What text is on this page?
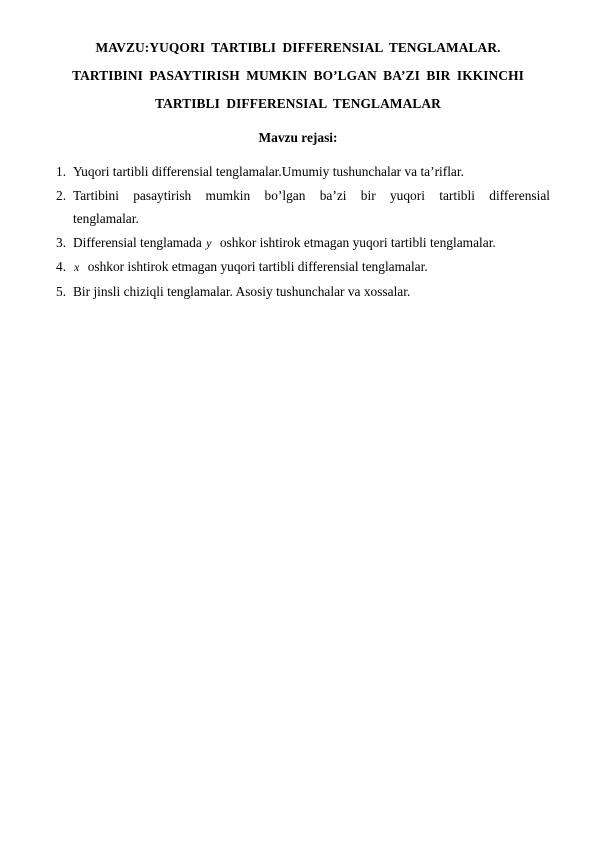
MAVZU:YUQORI TARTIBLI DIFFERENSIAL TENGLAMALAR.
TARTIBINI PASAYTIRISH MUMKIN BO’LGAN BA’ZI BIR IKKINCHI
TARTIBLI DIFFERENSIAL TENGLAMALAR
Mavzu rejasi:
1. Yuqori tartibli differensial tenglamalar.Umumiy tushunchalar va ta’riflar.
2. Tartibini pasaytirish mumkin bo’lgan ba’zi bir yuqori tartibli differensial
tenglamalar.
3. Differensial tenglamada y oshkor ishtirok etmagan yuqori tartibli tenglamalar.
4. x oshkor ishtirok etmagan yuqori tartibli differensial tenglamalar.
5. Bir jinsli chiziqli tenglamalar. Asosiy tushunchalar va xossalar.
